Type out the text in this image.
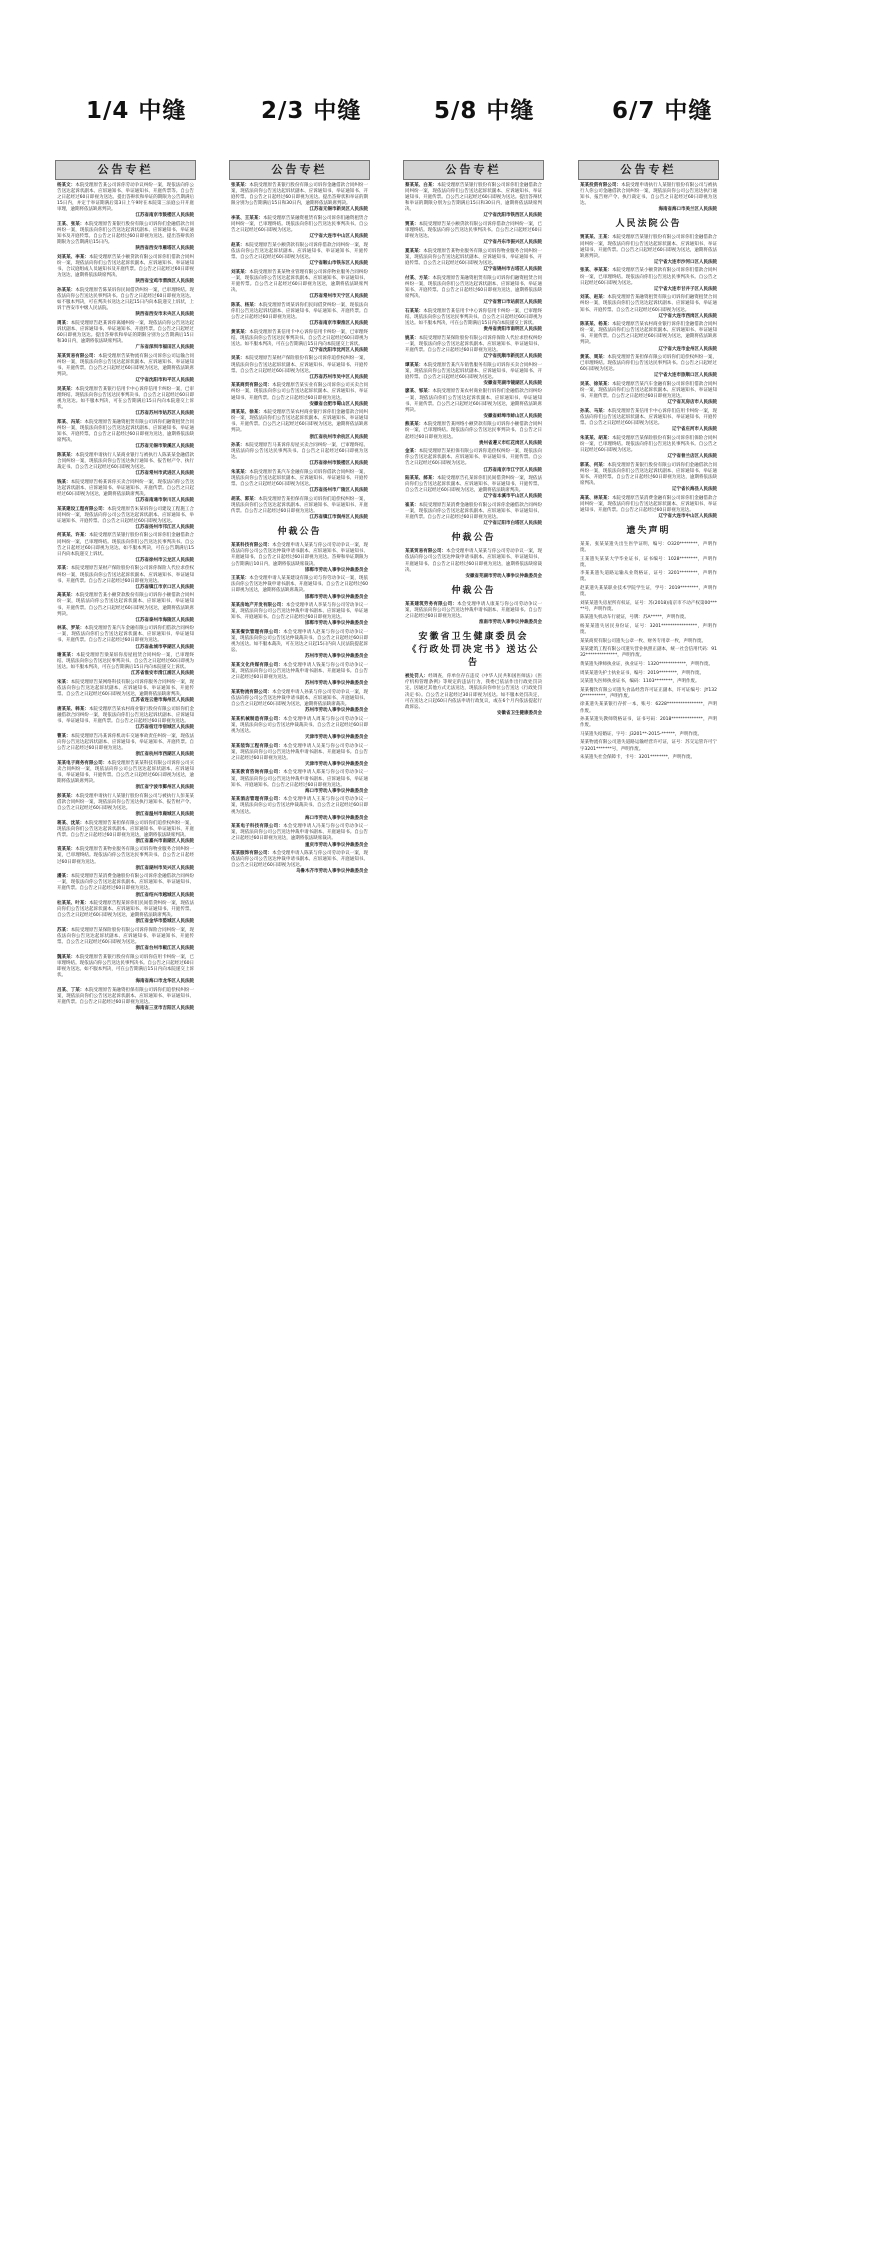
1/4 中缝	2/3 中缝	5/8 中缝	6/7 中缝
公告专栏
杨某文：本院受理原告某公司诉你劳动争议纠纷一案，现依法向你公告送达起诉状副本、应诉通知书、举证通知书、开庭传票等。自公告之日起经过60日即视为送达。提出答辩状和举证的期限为公告期满后15日内，并定于举证期满后第3日上午9时在本院第三法庭公开开庭审理，逾期将依法缺席判决。
江苏省南京市鼓楼区人民法院
王某、张某：本院受理原告某银行股份有限公司诉你们金融借款合同纠纷一案，现依法向你们公告送达起诉状副本、应诉通知书、举证通知书及开庭传票。自公告之日起经过60日即视为送达。提出答辩状的期限为公告期满后15日内。
陕西省西安市雁塔区人民法院
刘某某、李某：本院受理原告某小额贷款有限公司诉你们借款合同纠纷一案，现依法向你们公告送达起诉状副本、应诉通知书、举证通知书、合议庭组成人员通知书及开庭传票。自公告之日起经过60日即视为送达，逾期将依法缺席判决。
陕西省宝鸡市渭滨区人民法院
孙某某：本院受理原告陈某诉你民间借贷纠纷一案，已审理终结。现依法向你公告送达民事判决书。自公告之日起经过60日即视为送达。如不服本判决，可在判决书送达之日起15日内向本院递交上诉状，上诉于西安市中级人民法院。
陕西省西安市未央区人民法院
周某：本院受理原告赵某诉你离婚纠纷一案，现依法向你公告送达起诉状副本、应诉通知书、举证通知书、开庭传票。自公告之日起经过60日即视为送达。提出答辩状和举证的期限分别为公告期满后15日和30日内，逾期将依法缺席判决。
广东省深圳市福田区人民法院
某某贸易有限公司：本院受理原告某物流有限公司诉你公司运输合同纠纷一案，现依法向你公告送达起诉状副本、应诉通知书、举证通知书、开庭传票。自公告之日起经过60日即视为送达，逾期将依法缺席判决。
辽宁省沈阳市和平区人民法院
吴某某：本院受理原告某银行信用卡中心诉你信用卡纠纷一案，已审理终结。现依法向你公告送达民事判决书。自公告之日起经过60日即视为送达。如不服本判决，可在公告期满后15日内向本院递交上诉状。
江苏省苏州市姑苏区人民法院
郑某、冯某：本院受理原告某融资租赁有限公司诉你们融资租赁合同纠纷一案，现依法向你们公告送达起诉状副本、应诉通知书、举证通知书、开庭传票。自公告之日起经过60日即视为送达，逾期将依法缺席判决。
江苏省无锡市梁溪区人民法院
陈某某：本院受理申请执行人某商业银行与被执行人陈某某金融借款合同纠纷一案，现依法向你公告送达执行通知书、报告财产令、执行裁定书。自公告之日起经过60日即视为送达。
江苏省常州市武进区人民法院
钱某：本院受理原告杨某诉你买卖合同纠纷一案，现依法向你公告送达起诉状副本、应诉通知书、举证通知书、开庭传票。自公告之日起经过60日即视为送达，逾期将依法缺席判决。
江苏省南通市崇川区人民法院
某某建设工程有限公司：本院受理原告朱某诉你公司建设工程施工合同纠纷一案，现依法向你公司公告送达起诉状副本、应诉通知书、举证通知书、开庭传票。自公告之日起经过60日即视为送达。
江苏省扬州市邗江区人民法院
何某某、许某：本院受理原告某银行股份有限公司诉你们金融借款合同纠纷一案，已审理终结。现依法向你们公告送达民事判决书。自公告之日起经过60日即视为送达。如不服本判决，可在公告期满后15日内向本院递交上诉状。
江苏省徐州市云龙区人民法院
邓某：本院受理原告某财产保险股份有限公司诉你保险人代位求偿权纠纷一案，现依法向你公告送达起诉状副本、应诉通知书、举证通知书、开庭传票。自公告之日起经过60日即视为送达。
江苏省镇江市京口区人民法院
高某某：本院受理原告某小额贷款股份有限公司诉你小额借款合同纠纷一案，现依法向你公告送达起诉状副本、应诉通知书、举证通知书、开庭传票。自公告之日起经过60日即视为送达，逾期将依法缺席判决。
江苏省泰州市海陵区人民法院
林某、罗某：本院受理原告某汽车金融有限公司诉你们借款合同纠纷一案，现依法向你们公告送达起诉状副本、应诉通知书、举证通知书、开庭传票。自公告之日起经过60日即视为送达。
江苏省盐城市亭湖区人民法院
谢某某：本院受理原告梁某诉你房屋租赁合同纠纷一案，已审理终结。现依法向你公告送达民事判决书。自公告之日起经过60日即视为送达。如不服本判决，可在公告期满后15日内向本院递交上诉状。
江苏省淮安市清江浦区人民法院
宋某：本院受理原告某网络科技有限公司诉你服务合同纠纷一案，现依法向你公告送达起诉状副本、应诉通知书、举证通知书、开庭传票。自公告之日起经过60日即视为送达，逾期将依法缺席判决。
江苏省连云港市海州区人民法院
唐某某、韩某：本院受理原告某农村商业银行股份有限公司诉你们金融借款合同纠纷一案，现依法向你们公告送达起诉状副本、应诉通知书、举证通知书、开庭传票。自公告之日起经过60日即视为送达。
江苏省宿迁市宿城区人民法院
曹某：本院受理原告冯某诉你机动车交通事故责任纠纷一案，现依法向你公告送达起诉状副本、应诉通知书、举证通知书、开庭传票。自公告之日起经过60日即视为送达。
浙江省杭州市西湖区人民法院
某某电子商务有限公司：本院受理原告某某科技有限公司诉你公司买卖合同纠纷一案，现依法向你公司公告送达起诉状副本、应诉通知书、举证通知书、开庭传票。自公告之日起经过60日即视为送达，逾期将依法缺席判决。
浙江省宁波市鄞州区人民法院
彭某某：本院受理申请执行人某银行股份有限公司与被执行人彭某某借款合同纠纷一案，现依法向你公告送达执行通知书、报告财产令。自公告之日起经过60日即视为送达。
浙江省温州市鹿城区人民法院
蒋某、沈某：本院受理原告某担保有限公司诉你们追偿权纠纷一案，现依法向你们公告送达起诉状副本、应诉通知书、举证通知书、开庭传票。自公告之日起经过60日即视为送达，逾期将依法缺席判决。
浙江省嘉兴市南湖区人民法院
袁某某：本院受理原告某物业服务有限公司诉你物业服务合同纠纷一案，已审理终结。现依法向你公告送达民事判决书。自公告之日起经过60日即视为送达。
浙江省湖州市吴兴区人民法院
潘某：本院受理原告某消费金融股份有限公司诉你金融借款合同纠纷一案，现依法向你公告送达起诉状副本、应诉通知书、举证通知书、开庭传票。自公告之日起经过60日即视为送达。
浙江省绍兴市越城区人民法院
杜某某、叶某：本院受理原告程某诉你们民间借贷纠纷一案，现依法向你们公告送达起诉状副本、应诉通知书、举证通知书、开庭传票。自公告之日起经过60日即视为送达，逾期将依法缺席判决。
浙江省金华市婺城区人民法院
苏某：本院受理原告某保险股份有限公司诉你保险合同纠纷一案，现依法向你公告送达起诉状副本、应诉通知书、举证通知书、开庭传票。自公告之日起经过60日即视为送达。
浙江省台州市椒江区人民法院
魏某某：本院受理原告某银行股份有限公司诉你信用卡纠纷一案，已审理终结。现依法向你公告送达民事判决书。自公告之日起经过60日即视为送达。如不服本判决，可在公告期满后15日内向本院递交上诉状。
海南省海口市龙华区人民法院
吕某、丁某：本院受理原告某融资担保有限公司诉你们追偿权纠纷一案，现依法向你们公告送达起诉状副本、应诉通知书、举证通知书、开庭传票。自公告之日起经过60日即视为送达。
海南省三亚市吉阳区人民法院
公告专栏
张某某：本院受理原告某银行股份有限公司诉你金融借款合同纠纷一案，现依法向你公告送达起诉状副本、应诉通知书、举证通知书、开庭传票。自公告之日起经过60日即视为送达。提出答辩状和举证的期限分别为公告期满后15日和30日内，逾期将依法缺席判决。
江苏省无锡市新吴区人民法院
李某、王某某：本院受理原告某融资租赁有限公司诉你们融资租赁合同纠纷一案，已审理终结。现依法向你们公告送达民事判决书。自公告之日起经过60日即视为送达。
辽宁省大连市中山区人民法院
赵某：本院受理原告某小额贷款有限公司诉你借款合同纠纷一案，现依法向你公告送达起诉状副本、应诉通知书、举证通知书、开庭传票。自公告之日起经过60日即视为送达。
辽宁省鞍山市铁东区人民法院
刘某某：本院受理原告某某物业管理有限公司诉你物业服务合同纠纷一案，现依法向你公告送达起诉状副本、应诉通知书、举证通知书、开庭传票。自公告之日起经过60日即视为送达，逾期将依法缺席判决。
江苏省常州市天宁区人民法院
陈某、杨某：本院受理原告周某诉你们民间借贷纠纷一案，现依法向你们公告送达起诉状副本、应诉通知书、举证通知书、开庭传票。自公告之日起经过60日即视为送达。
江苏省南京市秦淮区人民法院
黄某某：本院受理原告某信用卡中心诉你信用卡纠纷一案，已审理终结。现依法向你公告送达民事判决书。自公告之日起经过60日即视为送达。如不服本判决，可在公告期满后15日内向本院递交上诉状。
辽宁省沈阳市沈河区人民法院
吴某：本院受理原告某财产保险股份有限公司诉你追偿权纠纷一案，现依法向你公告送达起诉状副本、应诉通知书、举证通知书、开庭传票。自公告之日起经过60日即视为送达。
江苏省苏州市吴中区人民法院
某某商贸有限公司：本院受理原告某实业有限公司诉你公司买卖合同纠纷一案，现依法向你公司公告送达起诉状副本、应诉通知书、举证通知书、开庭传票。自公告之日起经过60日即视为送达。
安徽省合肥市蜀山区人民法院
周某某、徐某：本院受理原告某农村商业银行诉你们金融借款合同纠纷一案，现依法向你们公告送达起诉状副本、应诉通知书、举证通知书、开庭传票。自公告之日起经过60日即视为送达，逾期将依法缺席判决。
浙江省杭州市余杭区人民法院
孙某：本院受理原告马某诉你房屋买卖合同纠纷一案，已审理终结。现依法向你公告送达民事判决书。自公告之日起经过60日即视为送达。
江苏省徐州市鼓楼区人民法院
朱某某：本院受理原告某汽车金融有限公司诉你借款合同纠纷一案，现依法向你公告送达起诉状副本、应诉通知书、举证通知书、开庭传票。自公告之日起经过60日即视为送达。
江苏省扬州市广陵区人民法院
胡某、郭某：本院受理原告某担保有限公司诉你们追偿权纠纷一案，现依法向你们公告送达起诉状副本、应诉通知书、举证通知书、开庭传票。自公告之日起经过60日即视为送达。
江苏省镇江市润州区人民法院
仲裁公告
某某科技有限公司：本会受理申请人某某与你公司劳动争议一案，现依法向你公司公告送达仲裁申请书副本、应诉通知书、举证通知书、开庭通知书。自公告之日起经过60日即视为送达。答辩和举证期限为公告期满后10日内，逾期将依法缺席裁决。
邯郸市劳动人事争议仲裁委员会
王某某：本会受理申请人某某建设有限公司与你劳动争议一案，现依法向你公告送达仲裁申请书副本、开庭通知书。自公告之日起经过60日即视为送达，逾期将依法缺席裁决。
邯郸市劳动人事争议仲裁委员会
某某房地产开发有限公司：本会受理申请人李某与你公司劳动争议一案，现依法向你公司公告送达仲裁申请书副本、应诉通知书、举证通知书、开庭通知书。自公告之日起经过60日即视为送达。
邯郸市劳动人事争议仲裁委员会
某某餐饮管理有限公司：本会受理申请人赵某与你公司劳动争议一案，现依法向你公司公告送达仲裁裁决书。自公告之日起经过60日即视为送达。如不服本裁决，可在送达之日起15日内向人民法院提起诉讼。
苏州市劳动人事争议仲裁委员会
某某文化传媒有限公司：本会受理申请人钱某与你公司劳动争议一案，现依法向你公司公告送达仲裁申请书副本、开庭通知书。自公告之日起经过60日即视为送达。
苏州市劳动人事争议仲裁委员会
某某物流有限公司：本会受理申请人孙某与你公司劳动争议一案，现依法向你公司公告送达仲裁申请书副本、应诉通知书、开庭通知书。自公告之日起经过60日即视为送达，逾期将依法缺席裁决。
苏州市劳动人事争议仲裁委员会
某某机械制造有限公司：本会受理申请人周某与你公司劳动争议一案，现依法向你公司公告送达仲裁裁决书。自公告之日起经过60日即视为送达。
天津市劳动人事争议仲裁委员会
某某装饰工程有限公司：本会受理申请人吴某与你公司劳动争议一案，现依法向你公司公告送达仲裁申请书副本、开庭通知书。自公告之日起经过60日即视为送达。
天津市劳动人事争议仲裁委员会
某某教育咨询有限公司：本会受理申请人郑某与你公司劳动争议一案，现依法向你公司公告送达仲裁申请书副本、应诉通知书、举证通知书、开庭通知书。自公告之日起经过60日即视为送达。
海口市劳动人事争议仲裁委员会
某某酒店管理有限公司：本会受理申请人王某与你公司劳动争议一案，现依法向你公司公告送达仲裁裁决书。自公告之日起经过60日即视为送达。
海口市劳动人事争议仲裁委员会
某某电子科技有限公司：本会受理申请人冯某与你公司劳动争议一案，现依法向你公司公告送达仲裁申请书副本、开庭通知书。自公告之日起经过60日即视为送达，逾期将依法缺席裁决。
重庆市劳动人事争议仲裁委员会
某某服饰有限公司：本会受理申请人陈某与你公司劳动争议一案，现依法向你公司公告送达仲裁申请书副本、应诉通知书、开庭通知书。自公告之日起经过60日即视为送达。
乌鲁木齐市劳动人事争议仲裁委员会
公告专栏
蔡某某、白某：本院受理原告某银行股份有限公司诉你们金融借款合同纠纷一案，现依法向你们公告送达起诉状副本、应诉通知书、举证通知书、开庭传票。自公告之日起经过60日即视为送达。提出答辩状和举证的期限分别为公告期满后15日和30日内，逾期将依法缺席判决。
辽宁省沈阳市铁西区人民法院
贾某：本院受理原告某小额贷款有限公司诉你借款合同纠纷一案，已审理终结。现依法向你公告送达民事判决书。自公告之日起经过60日即视为送达。
辽宁省丹东市振兴区人民法院
夏某某：本院受理原告某物业服务有限公司诉你物业服务合同纠纷一案，现依法向你公告送达起诉状副本、应诉通知书、举证通知书、开庭传票。自公告之日起经过60日即视为送达。
辽宁省锦州市古塔区人民法院
付某、方某：本院受理原告某融资租赁有限公司诉你们融资租赁合同纠纷一案，现依法向你们公告送达起诉状副本、应诉通知书、举证通知书、开庭传票。自公告之日起经过60日即视为送达，逾期将依法缺席判决。
辽宁省营口市站前区人民法院
石某某：本院受理原告某信用卡中心诉你信用卡纠纷一案，已审理终结。现依法向你公告送达民事判决书。自公告之日起经过60日即视为送达。如不服本判决，可在公告期满后15日内向本院递交上诉状。
贵州省贵阳市南明区人民法院
姚某：本院受理原告某保险股份有限公司诉你保险人代位求偿权纠纷一案，现依法向你公告送达起诉状副本、应诉通知书、举证通知书、开庭传票。自公告之日起经过60日即视为送达。
辽宁省抚顺市新抚区人民法院
谭某某：本院受理原告某汽车销售服务有限公司诉你买卖合同纠纷一案，现依法向你公告送达起诉状副本、应诉通知书、举证通知书、开庭传票。自公告之日起经过60日即视为送达。
安徽省芜湖市镜湖区人民法院
廖某、邹某：本院受理原告某农村商业银行诉你们金融借款合同纠纷一案，现依法向你们公告送达起诉状副本、应诉通知书、举证通知书、开庭传票。自公告之日起经过60日即视为送达，逾期将依法缺席判决。
安徽省蚌埠市蚌山区人民法院
熊某某：本院受理原告某网络小额贷款有限公司诉你小额借款合同纠纷一案，已审理终结。现依法向你公告送达民事判决书。自公告之日起经过60日即视为送达。
贵州省遵义市红花岗区人民法院
金某：本院受理原告某担保有限公司诉你追偿权纠纷一案，现依法向你公告送达起诉状副本、应诉通知书、举证通知书、开庭传票。自公告之日起经过60日即视为送达。
江苏省南京市江宁区人民法院
陆某某、郝某：本院受理原告孔某诉你们民间借贷纠纷一案，现依法向你们公告送达起诉状副本、应诉通知书、举证通知书、开庭传票。自公告之日起经过60日即视为送达，逾期将依法缺席判决。
辽宁省本溪市平山区人民法院
崔某：本院受理原告某消费金融股份有限公司诉你金融借款合同纠纷一案，现依法向你公告送达起诉状副本、应诉通知书、举证通知书、开庭传票。自公告之日起经过60日即视为送达。
辽宁省辽阳市白塔区人民法院
仲裁公告
某某贸易有限公司：本会受理申请人某某与你公司劳动争议一案，现依法向你公司公告送达仲裁申请书副本、应诉通知书、举证通知书、开庭通知书。自公告之日起经过60日即视为送达，逾期将依法缺席裁决。
安徽省芜湖市劳动人事争议仲裁委员会
仲裁公告
某某建筑劳务有限公司：本会受理申请人康某与你公司劳动争议一案，现依法向你公司公告送达仲裁申请书副本、开庭通知书。自公告之日起经过60日即视为送达。
淮南市劳动人事争议仲裁委员会
安徽省卫生健康委员会 《行政处罚决定书》送达公告
被处罚人：经调查，你单位存在违反《中华人民共和国医师法》《医疗机构管理条例》等规定的违法行为，我委已依法作出行政处罚决定。因通过其他方式无法送达，现依法向你单位公告送达《行政处罚决定书》。自公告之日起经过30日即视为送达。如不服本处罚决定，可在送达之日起60日内依法申请行政复议，或在6个月内依法提起行政诉讼。
安徽省卫生健康委员会
公告专栏
某某投资有限公司：本院受理申请执行人某银行股份有限公司与被执行人你公司金融借款合同纠纷一案，现依法向你公司公告送达执行通知书、报告财产令、执行裁定书。自公告之日起经过60日即视为送达。
海南省海口市美兰区人民法院
人民法院公告
贾某某、王某：本院受理原告某银行股份有限公司诉你们金融借款合同纠纷一案，现依法向你们公告送达起诉状副本、应诉通知书、举证通知书、开庭传票。自公告之日起经过60日即视为送达，逾期将依法缺席判决。
辽宁省大连市沙河口区人民法院
张某、李某某：本院受理原告某小额贷款有限公司诉你们借款合同纠纷一案，已审理终结。现依法向你们公告送达民事判决书。自公告之日起经过60日即视为送达。
辽宁省大连市甘井子区人民法院
刘某、赵某：本院受理原告某融资租赁有限公司诉你们融资租赁合同纠纷一案，现依法向你们公告送达起诉状副本、应诉通知书、举证通知书、开庭传票。自公告之日起经过60日即视为送达。
辽宁省大连市西岗区人民法院
陈某某、杨某：本院受理原告某农村商业银行诉你们金融借款合同纠纷一案，现依法向你们公告送达起诉状副本、应诉通知书、举证通知书、开庭传票。自公告之日起经过60日即视为送达，逾期将依法缺席判决。
辽宁省大连市金州区人民法院
黄某、周某：本院受理原告某担保有限公司诉你们追偿权纠纷一案，已审理终结。现依法向你们公告送达民事判决书。自公告之日起经过60日即视为送达。
辽宁省大连市旅顺口区人民法院
吴某、徐某某：本院受理原告某汽车金融有限公司诉你们借款合同纠纷一案，现依法向你们公告送达起诉状副本、应诉通知书、举证通知书、开庭传票。自公告之日起经过60日即视为送达。
辽宁省瓦房店市人民法院
孙某、马某：本院受理原告某信用卡中心诉你们信用卡纠纷一案，现依法向你们公告送达起诉状副本、应诉通知书、举证通知书、开庭传票。自公告之日起经过60日即视为送达。
辽宁省庄河市人民法院
朱某某、胡某：本院受理原告某保险股份有限公司诉你们保险合同纠纷一案，已审理终结。现依法向你们公告送达民事判决书。自公告之日起经过60日即视为送达。
辽宁省普兰店区人民法院
郭某、何某：本院受理原告某银行股份有限公司诉你们金融借款合同纠纷一案，现依法向你们公告送达起诉状副本、应诉通知书、举证通知书、开庭传票。自公告之日起经过60日即视为送达，逾期将依法缺席判决。
辽宁省长海县人民法院
高某、林某某：本院受理原告某消费金融有限公司诉你们金融借款合同纠纷一案，现依法向你们公告送达起诉状副本、应诉通知书、举证通知书、开庭传票。自公告之日起经过60日即视为送达。
辽宁省大连市中山区人民法院
遗失声明
某某、张某某遗失出生医学证明，编号：O320********，声明作废。
王某遗失某某大学毕业证书，证书编号：1028********，声明作废。
李某某遗失道路运输从业资格证，证号：3201********，声明作废。
赵某遗失某某职业技术学院学生证，学号：2019********，声明作废。
刘某某遗失房屋所有权证，证号：苏(2018)南京市不动产权第00*****号，声明作废。
陈某遗失机动车行驶证，号牌：苏A*****，声明作废。
杨某某遗失居民身份证，证号：3201****************，声明作废。
某某商贸有限公司遗失公章一枚、财务专用章一枚，声明作废。
某某建筑工程有限公司遗失营业执照正副本，统一社会信用代码：9132**************，声明作废。
黄某遗失律师执业证，执业证号：1320************，声明作废。
周某某遗失护士执业证书，编号：2019********，声明作废。
吴某遗失医师执业证书，编码：1103********，声明作废。
某某餐饮有限公司遗失食品经营许可证正副本，许可证编号：JY1320**********，声明作废。
徐某遗失某某银行存折一本，账号：6228****************，声明作废。
孙某某遗失教师资格证书，证书号码：2018**************，声明作废。
马某遗失结婚证，字号：J3201**-2015-******，声明作废。
某某物流有限公司遗失道路运输经营许可证，证号：苏交运管许可宁字3201*******号，声明作废。
朱某遗失社会保障卡，卡号：3201********，声明作废。
